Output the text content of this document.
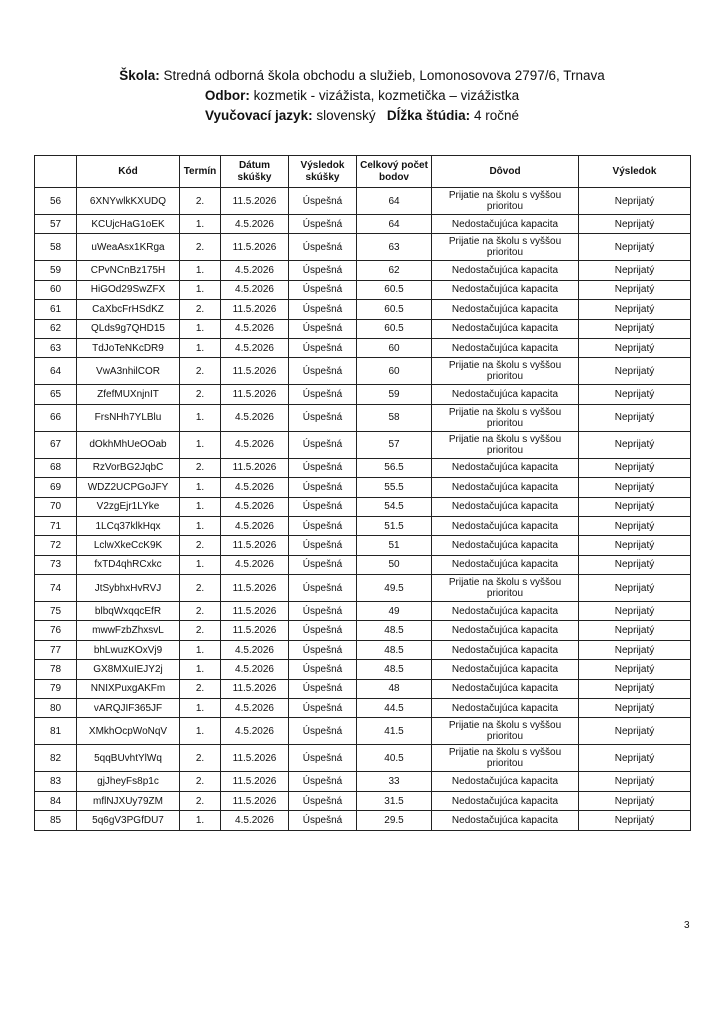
Škola: Stredná odborná škola obchodu a služieb, Lomonosovova 2797/6, Trnava
Odbor: kozmetik - vizážista, kozmetička – vizážistka
Vyučovací jazyk: slovenský Dĺžka štúdia: 4 ročné
	Kód	Termín	Dátum skúšky	Výsledok skúšky	Celkový počet bodov	Dôvod	Výsledok
56	6XNYwlkKXUDQ	2.	11.5.2026	Úspešná	64	Prijatie na školu s vyššou prioritou	Neprijatý
57	KCUjcHaG1oEK	1.	4.5.2026	Úspešná	64	Nedostačujúca kapacita	Neprijatý
58	uWeaAsx1KRga	2.	11.5.2026	Úspešná	63	Prijatie na školu s vyššou prioritou	Neprijatý
59	CPvNCnBz175H	1.	4.5.2026	Úspešná	62	Nedostačujúca kapacita	Neprijatý
60	HiGOd29SwZFX	1.	4.5.2026	Úspešná	60.5	Nedostačujúca kapacita	Neprijatý
61	CaXbcFrHSdKZ	2.	11.5.2026	Úspešná	60.5	Nedostačujúca kapacita	Neprijatý
62	QLds9g7QHD15	1.	4.5.2026	Úspešná	60.5	Nedostačujúca kapacita	Neprijatý
63	TdJoTeNKcDR9	1.	4.5.2026	Úspešná	60	Nedostačujúca kapacita	Neprijatý
64	VwA3nhilCOR	2.	11.5.2026	Úspešná	60	Prijatie na školu s vyššou prioritou	Neprijatý
65	ZfefMUXnjnIT	2.	11.5.2026	Úspešná	59	Nedostačujúca kapacita	Neprijatý
66	FrsNHh7YLBlu	1.	4.5.2026	Úspešná	58	Prijatie na školu s vyššou prioritou	Neprijatý
67	dOkhMhUeOOab	1.	4.5.2026	Úspešná	57	Prijatie na školu s vyššou prioritou	Neprijatý
68	RzVorBG2JqbC	2.	11.5.2026	Úspešná	56.5	Nedostačujúca kapacita	Neprijatý
69	WDZ2UCPGoJFY	1.	4.5.2026	Úspešná	55.5	Nedostačujúca kapacita	Neprijatý
70	V2zgEjr1LYke	1.	4.5.2026	Úspešná	54.5	Nedostačujúca kapacita	Neprijatý
71	1LCq37klkHqx	1.	4.5.2026	Úspešná	51.5	Nedostačujúca kapacita	Neprijatý
72	LclwXkeCcK9K	2.	11.5.2026	Úspešná	51	Nedostačujúca kapacita	Neprijatý
73	fxTD4qhRCxkc	1.	4.5.2026	Úspešná	50	Nedostačujúca kapacita	Neprijatý
74	JtSybhxHvRVJ	2.	11.5.2026	Úspešná	49.5	Prijatie na školu s vyššou prioritou	Neprijatý
75	blbqWxqqcEfR	2.	11.5.2026	Úspešná	49	Nedostačujúca kapacita	Neprijatý
76	mwwFzbZhxsvL	2.	11.5.2026	Úspešná	48.5	Nedostačujúca kapacita	Neprijatý
77	bhLwuzKOxVj9	1.	4.5.2026	Úspešná	48.5	Nedostačujúca kapacita	Neprijatý
78	GX8MXuIEJY2j	1.	4.5.2026	Úspešná	48.5	Nedostačujúca kapacita	Neprijatý
79	NNIXPuxgAKFm	2.	11.5.2026	Úspešná	48	Nedostačujúca kapacita	Neprijatý
80	vARQJIF365JF	1.	4.5.2026	Úspešná	44.5	Nedostačujúca kapacita	Neprijatý
81	XMkhOcpWoNqV	1.	4.5.2026	Úspešná	41.5	Prijatie na školu s vyššou prioritou	Neprijatý
82	5qqBUvhtYlWq	2.	11.5.2026	Úspešná	40.5	Prijatie na školu s vyššou prioritou	Neprijatý
83	gjJheyFs8p1c	2.	11.5.2026	Úspešná	33	Nedostačujúca kapacita	Neprijatý
84	mflNJXUy79ZM	2.	11.5.2026	Úspešná	31.5	Nedostačujúca kapacita	Neprijatý
85	5q6gV3PGfDU7	1.	4.5.2026	Úspešná	29.5	Nedostačujúca kapacita	Neprijatý
3
